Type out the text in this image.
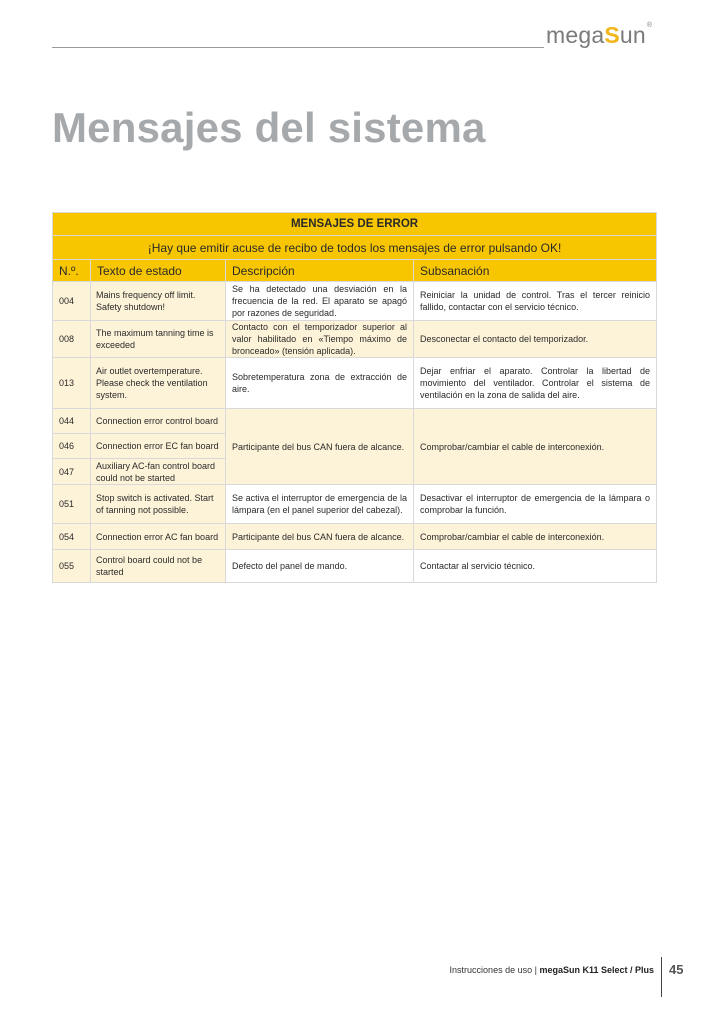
megaSun®
Mensajes del sistema
MENSAJES DE ERROR			
¡Hay que emitir acuse de recibo de todos los mensajes de error pulsando OK!			
N.º.	Texto de estado	Descripción	Subsanación
004	Mains frequency off limit. Safety shutdown!	Se ha detectado una desviación en la frecuencia de la red. El aparato se apagó por razones de seguridad.	Reiniciar la unidad de control. Tras el tercer reinicio fallido, contactar con el servicio técnico.
008	The maximum tanning time is exceeded	Contacto con el temporizador superior al valor habilitado en «Tiempo máximo de bronceado» (tensión aplicada).	Desconectar el contacto del temporizador.
013	Air outlet overtemperature. Please check the ventilation system.	Sobretemperatura zona de extracción de aire.	Dejar enfriar el aparato. Controlar la libertad de movimiento del ventilador. Controlar el sistema de ventilación en la zona de salida del aire.
044	Connection error control board	Participante del bus CAN fuera de alcance.	Comprobar/cambiar el cable de interconexión.
046	Connection error EC fan board		
047	Auxiliary AC-fan control board could not be started		
051	Stop switch is activated. Start of tanning not possible.	Se activa el interruptor de emergencia de la lámpara (en el panel superior del cabezal).	Desactivar el interruptor de emergencia de la lámpara o comprobar la función.
054	Connection error AC fan board	Participante del bus CAN fuera de alcance.	Comprobar/cambiar el cable de interconexión.
055	Control board could not be started	Defecto del panel de mando.	Contactar al servicio técnico.
Instrucciones de uso | megaSun K11 Select / Plus 45
